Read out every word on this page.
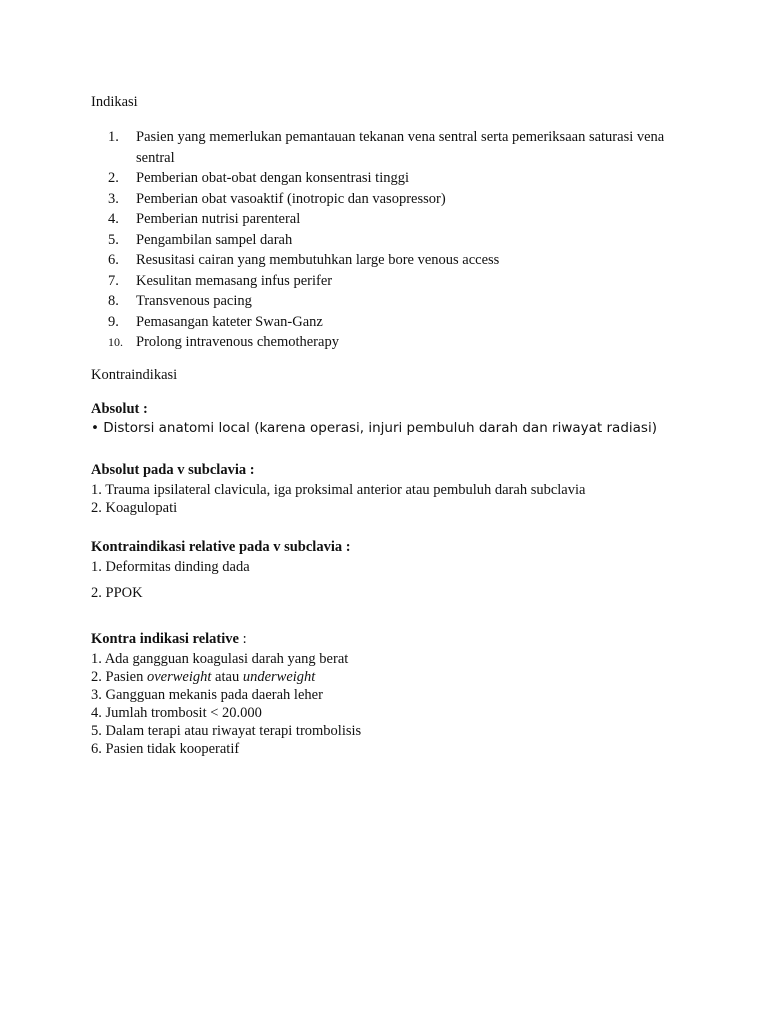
Indikasi
1.	Pasien yang memerlukan pemantauan tekanan vena sentral serta pemeriksaan saturasi vena sentral
2.	Pemberian obat-obat dengan konsentrasi tinggi
3.	Pemberian obat vasoaktif (inotropic dan vasopressor)
4.	Pemberian nutrisi parenteral
5.	Pengambilan sampel darah
6.	Resusitasi cairan yang membutuhkan large bore venous access
7.	Kesulitan memasang infus perifer
8.	Transvenous pacing
9.	Pemasangan kateter Swan-Ganz
10. Prolong intravenous chemotherapy
Kontraindikasi
Absolut :
• Distorsi anatomi local (karena operasi, injuri pembuluh darah dan riwayat radiasi)
Absolut pada v subclavia :
1. Trauma ipsilateral clavicula, iga proksimal anterior atau pembuluh darah subclavia
2. Koagulopati
Kontraindikasi relative pada v subclavia :
1. Deformitas dinding dada
2. PPOK
Kontra indikasi relative :
1. Ada gangguan koagulasi darah yang berat
2. Pasien overweight atau underweight
3. Gangguan mekanis pada daerah leher
4. Jumlah trombosit < 20.000
5. Dalam terapi atau riwayat terapi trombolisis
6. Pasien tidak kooperatif
